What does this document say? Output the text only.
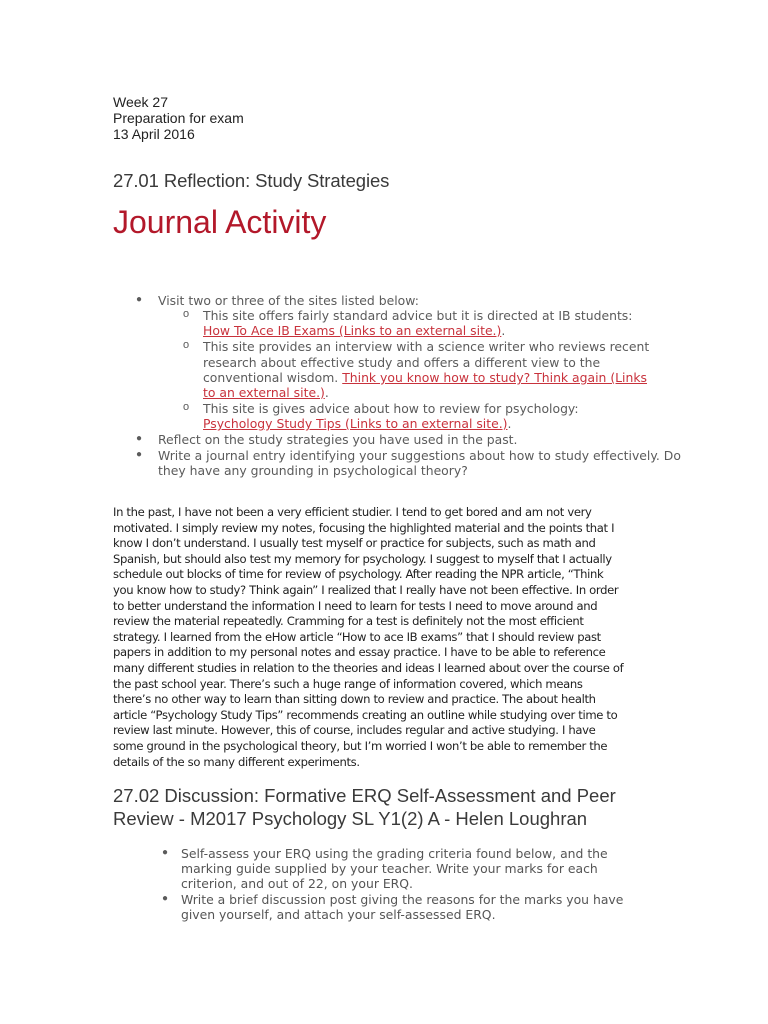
Week 27
Preparation for exam
13 April 2016
27.01 Reflection: Study Strategies
Journal Activity
● Visit two or three of the sites listed below:
o This site offers fairly standard advice but it is directed at IB students:
How To Ace IB Exams (Links to an external site.).
o This site provides an interview with a science writer who reviews recent
research about effective study and offers a different view to the
conventional wisdom. Think you know how to study? Think again (Links
to an external site.).
o This site is gives advice about how to review for psychology:
Psychology Study Tips (Links to an external site.).
● Reflect on the study strategies you have used in the past.
● Write a journal entry identifying your suggestions about how to study effectively. Do
they have any grounding in psychological theory?
In the past, I have not been a very efficient studier. I tend to get bored and am not very
motivated. I simply review my notes, focusing the highlighted material and the points that I
know I don’t understand. I usually test myself or practice for subjects, such as math and
Spanish, but should also test my memory for psychology. I suggest to myself that I actually
schedule out blocks of time for review of psychology. After reading the NPR article, “Think
you know how to study? Think again” I realized that I really have not been effective. In order
to better understand the information I need to learn for tests I need to move around and
review the material repeatedly. Cramming for a test is definitely not the most efficient
strategy. I learned from the eHow article “How to ace IB exams” that I should review past
papers in addition to my personal notes and essay practice. I have to be able to reference
many different studies in relation to the theories and ideas I learned about over the course of
the past school year. There’s such a huge range of information covered, which means
there’s no other way to learn than sitting down to review and practice. The about health
article “Psychology Study Tips” recommends creating an outline while studying over time to
review last minute. However, this of course, includes regular and active studying. I have
some ground in the psychological theory, but I’m worried I won’t be able to remember the
details of the so many different experiments.
27.02 Discussion: Formative ERQ Self-Assessment and Peer
Review - M2017 Psychology SL Y1(2) A - Helen Loughran
● Self-assess your ERQ using the grading criteria found below, and the
marking guide supplied by your teacher. Write your marks for each
criterion, and out of 22, on your ERQ.
● Write a brief discussion post giving the reasons for the marks you have
given yourself, and attach your self-assessed ERQ.
